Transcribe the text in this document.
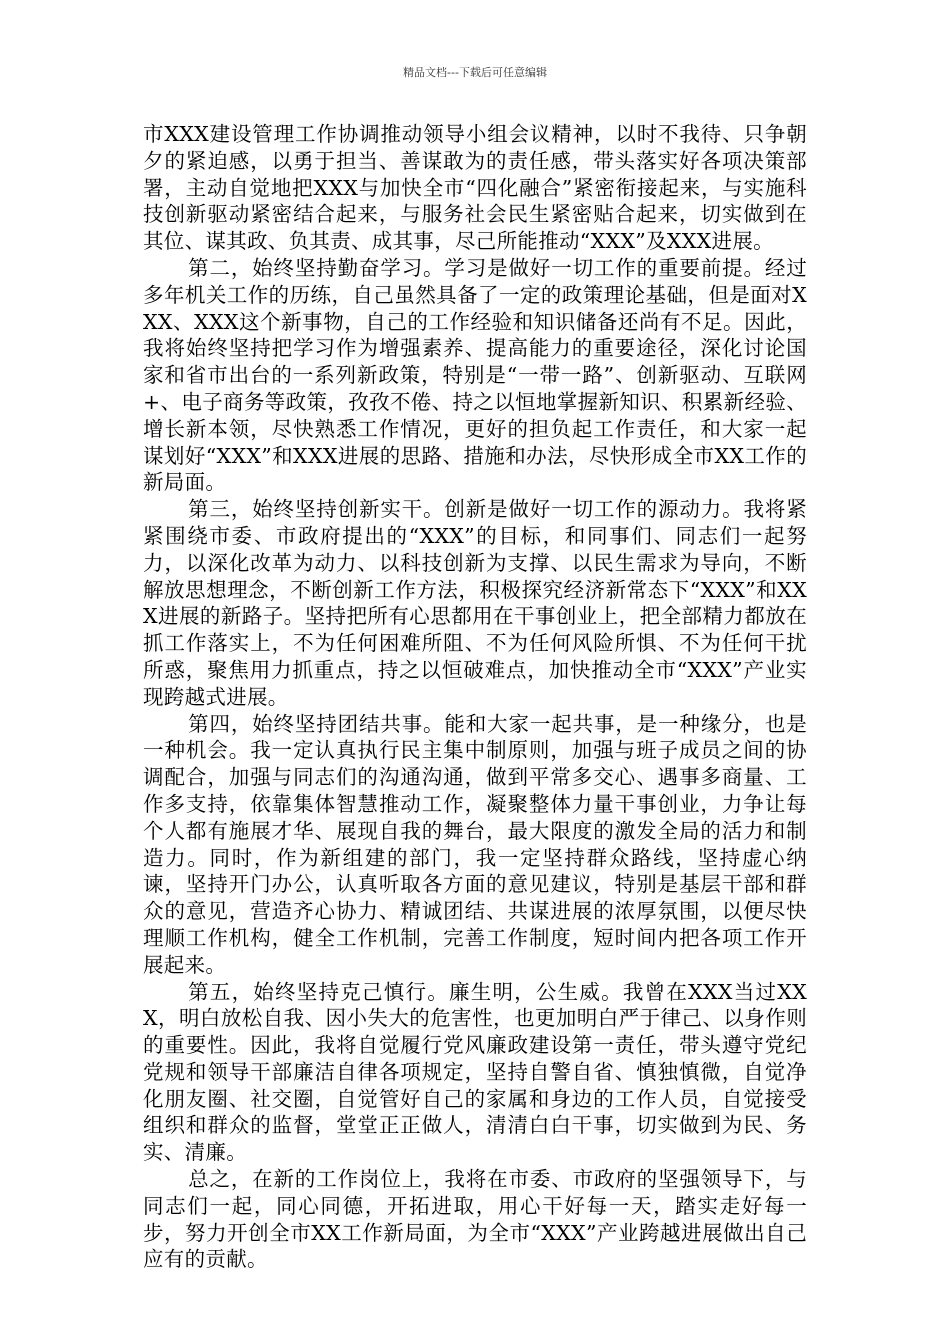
精品文档---下载后可任意编辑

市XXX建设管理工作协调推动领导小组会议精神，以时不我待、只争朝夕的紧迫感，以勇于担当、善谋敢为的责任感，带头落实好各项决策部署，主动自觉地把XXX与加快全市“四化融合”紧密衔接起来，与实施科技创新驱动紧密结合起来，与服务社会民生紧密贴合起来，切实做到在其位、谋其政、负其责、成其事，尽己所能推动“XXX”及XXX进展。

第二，始终坚持勤奋学习。学习是做好一切工作的重要前提。经过多年机关工作的历练，自己虽然具备了一定的政策理论基础，但是面对XXX、XXX这个新事物，自己的工作经验和知识储备还尚有不足。因此，我将始终坚持把学习作为增强素养、提高能力的重要途径，深化讨论国家和省市出台的一系列新政策，特别是“一带一路”、创新驱动、互联网+、电子商务等政策，孜孜不倦、持之以恒地掌握新知识、积累新经验、增长新本领，尽快熟悉工作情况，更好的担负起工作责任，和大家一起谋划好“XXX”和XXX进展的思路、措施和办法，尽快形成全市XX工作的新局面。

第三，始终坚持创新实干。创新是做好一切工作的源动力。我将紧紧围绕市委、市政府提出的“XXX”的目标，和同事们、同志们一起努力，以深化改革为动力、以科技创新为支撑、以民生需求为导向，不断解放思想理念，不断创新工作方法，积极探究经济新常态下“XXX”和XXX进展的新路子。坚持把所有心思都用在干事创业上，把全部精力都放在抓工作落实上，不为任何困难所阻、不为任何风险所惧、不为任何干扰所惑，聚焦用力抓重点，持之以恒破难点，加快推动全市“XXX”产业实现跨越式进展。

第四，始终坚持团结共事。能和大家一起共事，是一种缘分，也是一种机会。我一定认真执行民主集中制原则，加强与班子成员之间的协调配合，加强与同志们的沟通沟通，做到平常多交心、遇事多商量、工作多支持，依靠集体智慧推动工作，凝聚整体力量干事创业，力争让每个人都有施展才华、展现自我的舞台，最大限度的激发全局的活力和制造力。同时，作为新组建的部门，我一定坚持群众路线，坚持虚心纳谏，坚持开门办公，认真听取各方面的意见建议，特别是基层干部和群众的意见，营造齐心协力、精诚团结、共谋进展的浓厚氛围，以便尽快理顺工作机构，健全工作机制，完善工作制度，短时间内把各项工作开展起来。

第五，始终坚持克己慎行。廉生明，公生威。我曾在XXX当过XXX，明白放松自我、因小失大的危害性，也更加明白严于律己、以身作则的重要性。因此，我将自觉履行党风廉政建设第一责任，带头遵守党纪党规和领导干部廉洁自律各项规定，坚持自警自省、慎独慎微，自觉净化朋友圈、社交圈，自觉管好自己的家属和身边的工作人员，自觉接受组织和群众的监督，堂堂正正做人，清清白白干事，切实做到为民、务实、清廉。

总之，在新的工作岗位上，我将在市委、市政府的坚强领导下，与同志们一起，同心同德，开拓进取，用心干好每一天，踏实走好每一步，努力开创全市XX工作新局面，为全市“XXX”产业跨越进展做出自己应有的贡献。
